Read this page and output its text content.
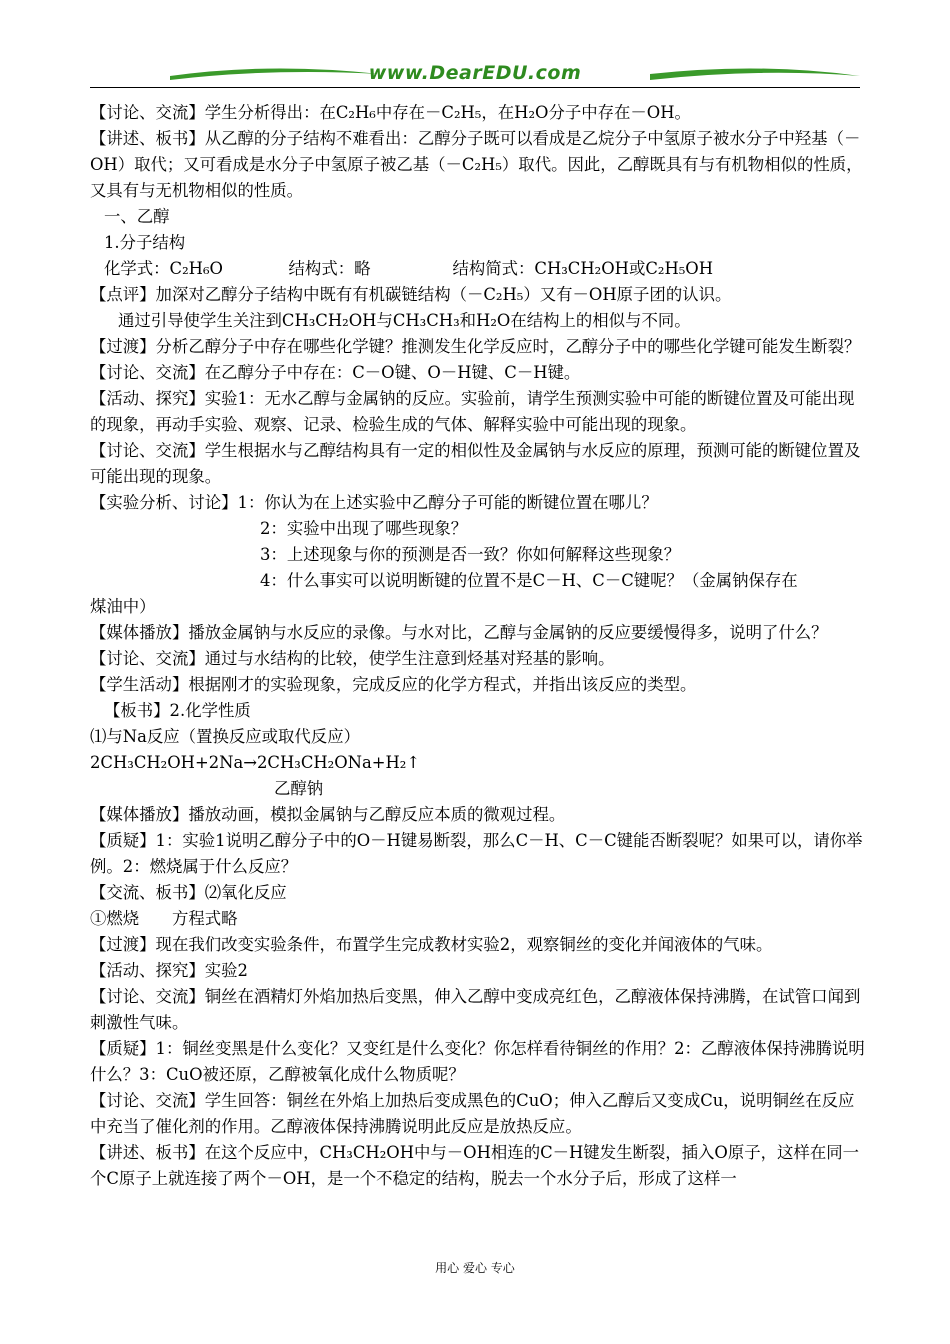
www.DearEDU.com

【讨论、交流】学生分析得出：在C₂H₆中存在－C₂H₅，在H₂O分子中存在－OH。

【讲述、板书】从乙醇的分子结构不难看出：乙醇分子既可以看成是乙烷分子中氢原子被水分子中羟基（－OH）取代；又可看成是水分子中氢原子被乙基（－C₂H₅）取代。因此，乙醇既具有与有机物相似的性质，又具有与无机物相似的性质。

一、乙醇

1.分子结构

化学式：C₂H₆O　　　　结构式：略　　　　　结构简式：CH₃CH₂OH或C₂H₅OH

【点评】加深对乙醇分子结构中既有有机碳链结构（－C₂H₅）又有－OH原子团的认识。

通过引导使学生关注到CH₃CH₂OH与CH₃CH₃和H₂O在结构上的相似与不同。

【过渡】分析乙醇分子中存在哪些化学键？推测发生化学反应时，乙醇分子中的哪些化学键可能发生断裂？

【讨论、交流】在乙醇分子中存在：C－O键、O－H键、C－H键。

【活动、探究】实验1：无水乙醇与金属钠的反应。实验前，请学生预测实验中可能的断键位置及可能出现的现象，再动手实验、观察、记录、检验生成的气体、解释实验中可能出现的现象。

【讨论、交流】学生根据水与乙醇结构具有一定的相似性及金属钠与水反应的原理，预测可能的断键位置及可能出现的现象。

【实验分析、讨论】1：你认为在上述实验中乙醇分子可能的断键位置在哪儿？

2：实验中出现了哪些现象？

3：上述现象与你的预测是否一致？你如何解释这些现象？

4：什么事实可以说明断键的位置不是C－H、C－C键呢？（金属钠保存在

煤油中）

【媒体播放】播放金属钠与水反应的录像。与水对比，乙醇与金属钠的反应要缓慢得多，说明了什么？

【讨论、交流】通过与水结构的比较，使学生注意到烃基对羟基的影响。

【学生活动】根据刚才的实验现象，完成反应的化学方程式，并指出该反应的类型。

【板书】2.化学性质

⑴与Na反应（置换反应或取代反应）

2CH₃CH₂OH+2Na→2CH₃CH₂ONa+H₂↑

乙醇钠

【媒体播放】播放动画，模拟金属钠与乙醇反应本质的微观过程。

【质疑】1：实验1说明乙醇分子中的O－H键易断裂，那么C－H、C－C键能否断裂呢？如果可以，请你举例。2：燃烧属于什么反应？

【交流、板书】⑵氧化反应

①燃烧　　方程式略

【过渡】现在我们改变实验条件，布置学生完成教材实验2，观察铜丝的变化并闻液体的气味。

【活动、探究】实验2

【讨论、交流】铜丝在酒精灯外焰加热后变黑，伸入乙醇中变成亮红色，乙醇液体保持沸腾，在试管口闻到刺激性气味。

【质疑】1：铜丝变黑是什么变化？又变红是什么变化？你怎样看待铜丝的作用？2：乙醇液体保持沸腾说明什么？3：CuO被还原，乙醇被氧化成什么物质呢？

【讨论、交流】学生回答：铜丝在外焰上加热后变成黑色的CuO；伸入乙醇后又变成Cu，说明铜丝在反应中充当了催化剂的作用。乙醇液体保持沸腾说明此反应是放热反应。

【讲述、板书】在这个反应中，CH₃CH₂OH中与－OH相连的C－H键发生断裂，插入O原子，这样在同一个C原子上就连接了两个－OH，是一个不稳定的结构，脱去一个水分子后，形成了这样一

用心 爱心 专心
